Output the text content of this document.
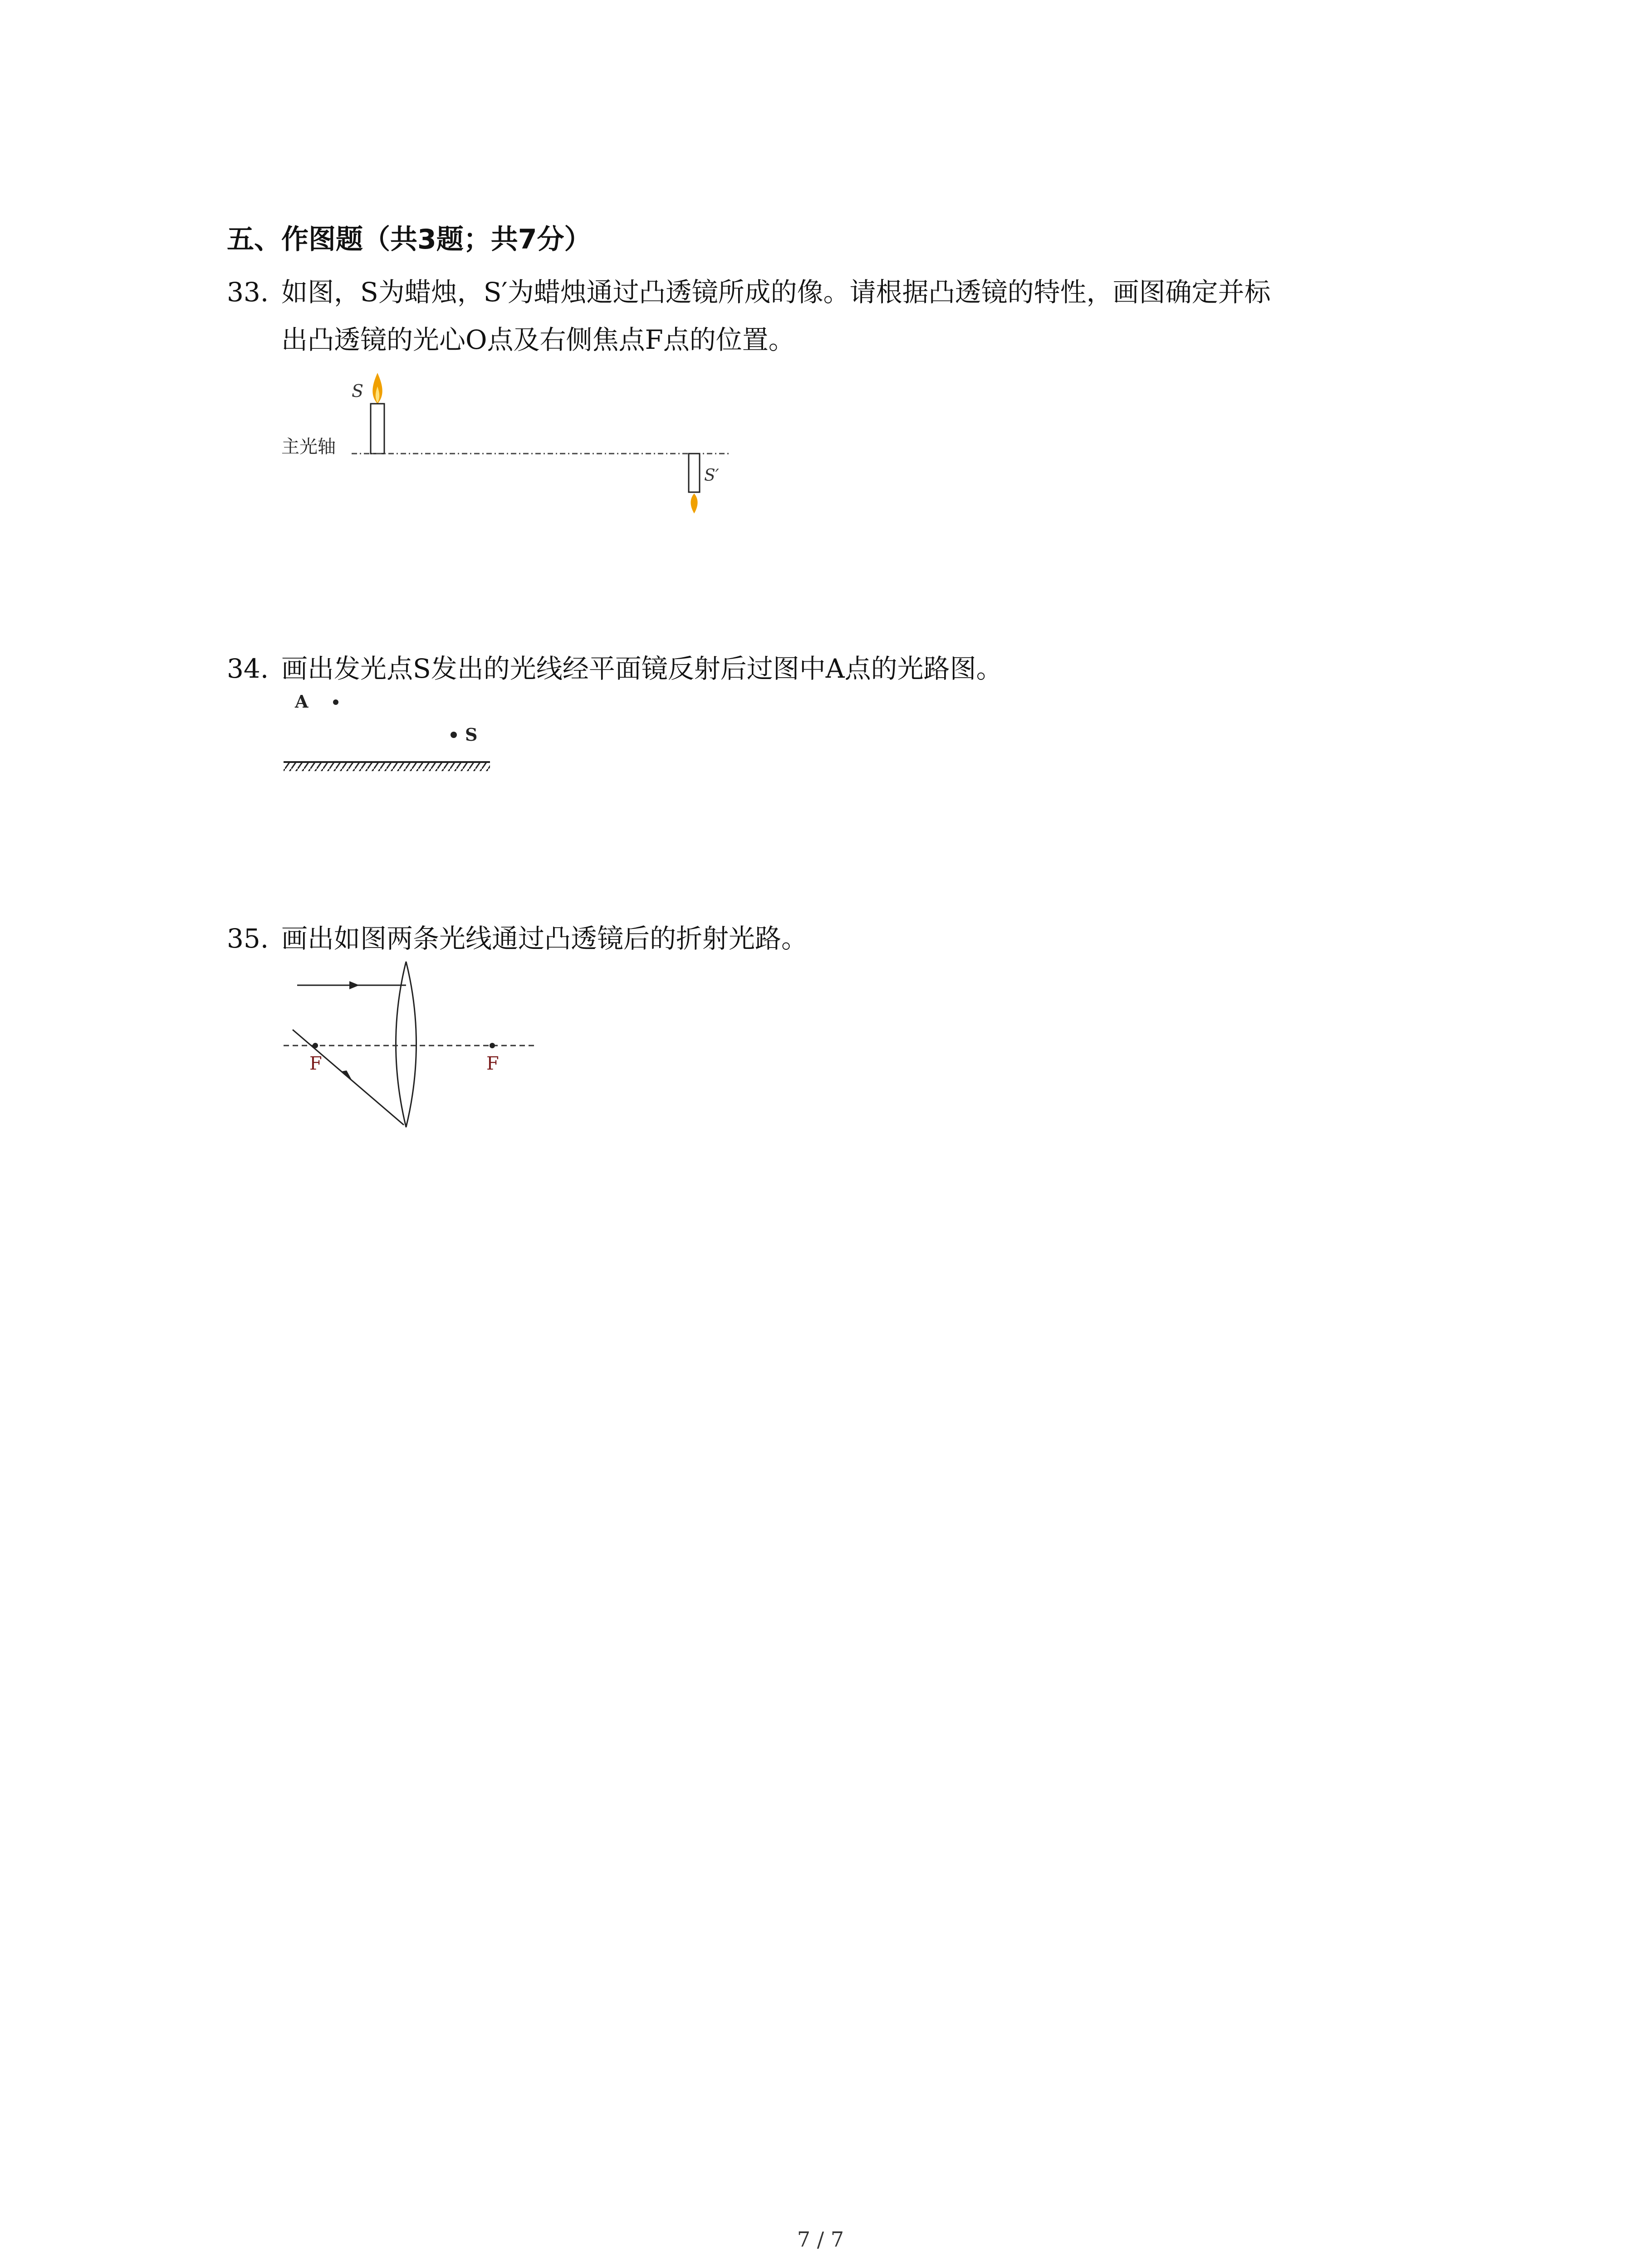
五、作图题（共3题；共7分）
33. 如图，S为蜡烛，S′为蜡烛通过凸透镜所成的像。请根据凸透镜的特性，画图确定并标
出凸透镜的光心O点及右侧焦点F点的位置。
S
主光轴
S′
34. 画出发光点S发出的光线经平面镜反射后过图中A点的光路图。
A
S
35. 画出如图两条光线通过凸透镜后的折射光路。
F	F
7 / 7
